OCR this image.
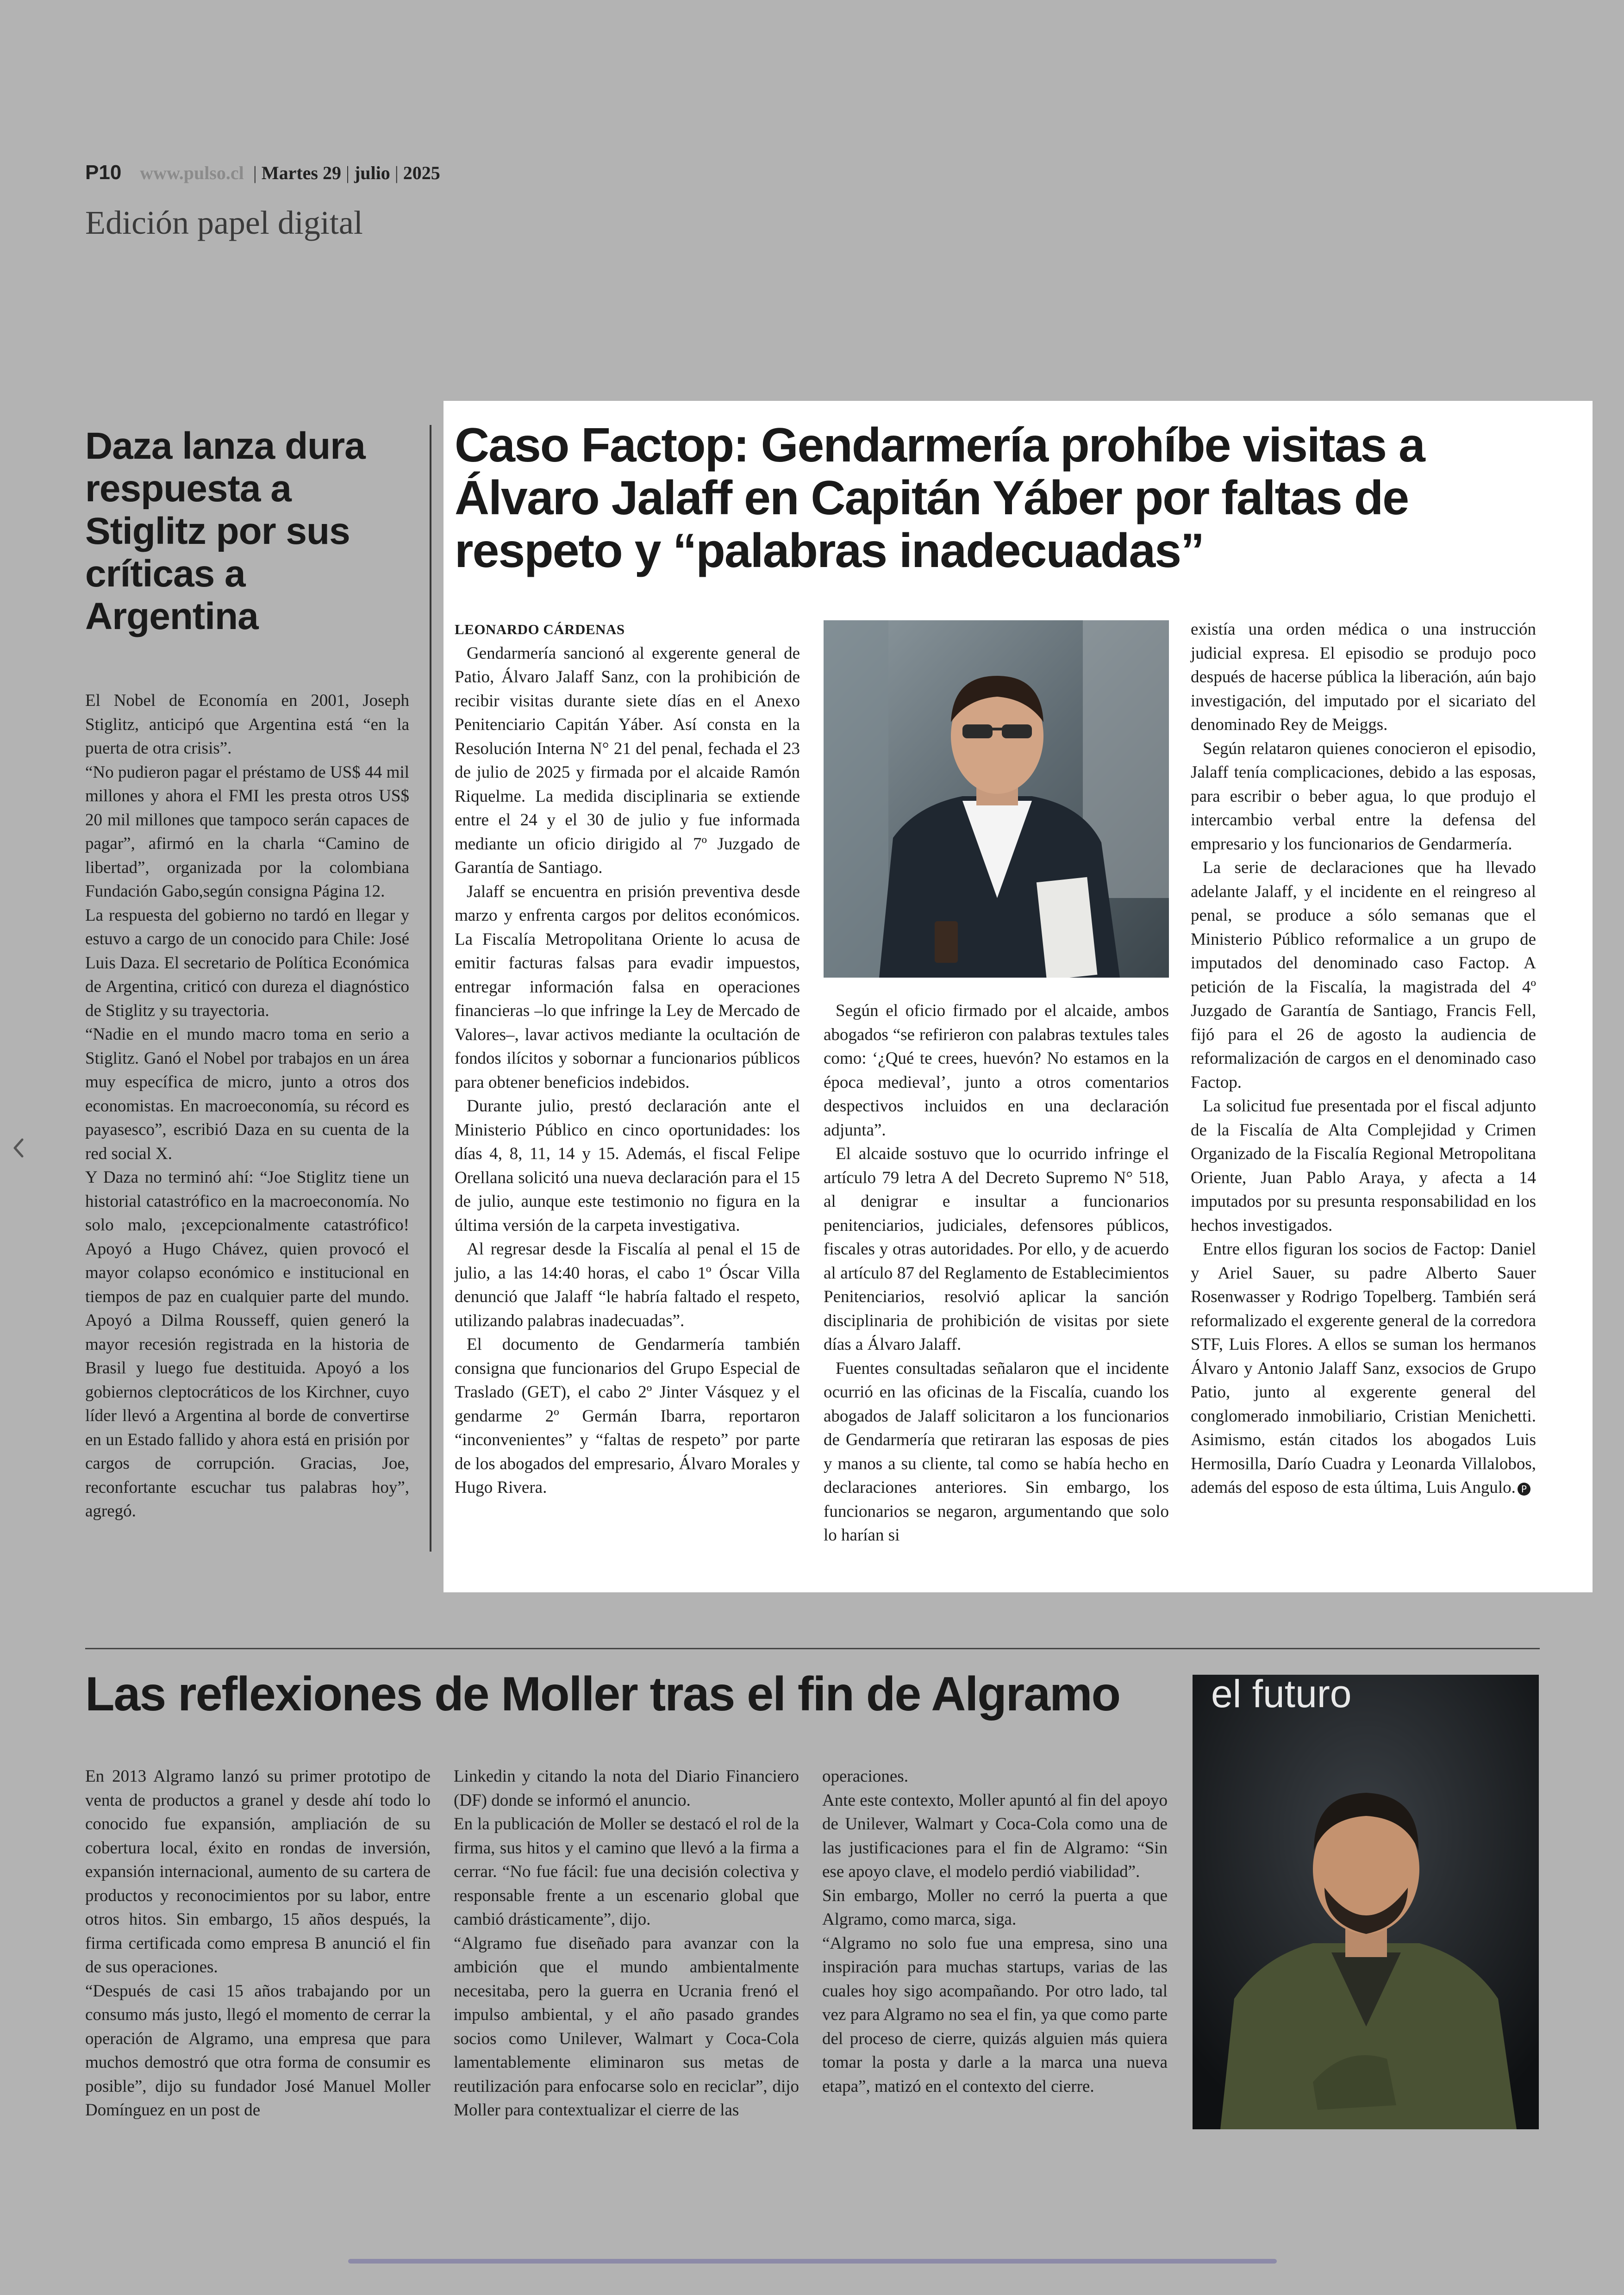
P10 www.pulso.cl | Martes 29 | julio | 2025
Edición papel digital
Daza lanza dura respuesta a Stiglitz por sus críticas a Argentina

El Nobel de Economía en 2001, Joseph Stiglitz, anticipó que Argentina está “en la puerta de otra crisis”.

“No pudieron pagar el préstamo de US$ 44 mil millones y ahora el FMI les presta otros US$ 20 mil millones que tampoco serán capaces de pagar”, afirmó en la charla “Camino de libertad”, organizada por la colombiana Fundación Gabo,según consigna Página 12.

La respuesta del gobierno no tardó en llegar y estuvo a cargo de un conocido para Chile: José Luis Daza. El secretario de Política Económica de Argentina, criticó con dureza el diagnóstico de Stiglitz y su trayectoria.

“Nadie en el mundo macro toma en serio a Stiglitz. Ganó el Nobel por trabajos en un área muy específica de micro, junto a otros dos economistas. En macroeconomía, su récord es payasesco”, escribió Daza en su cuenta de la red social X.

Y Daza no terminó ahí: “Joe Stiglitz tiene un historial catastrófico en la macroeconomía. No solo malo, ¡excepcionalmente catastrófico! Apoyó a Hugo Chávez, quien provocó el mayor colapso económico e institucional en tiempos de paz en cualquier parte del mundo. Apoyó a Dilma Rousseff, quien generó la mayor recesión registrada en la historia de Brasil y luego fue destituida. Apoyó a los gobiernos cleptocráticos de los Kirchner, cuyo líder llevó a Argentina al borde de convertirse en un Estado fallido y ahora está en prisión por cargos de corrupción. Gracias, Joe, reconfortante escuchar tus palabras hoy”, agregó.

Caso Factop: Gendarmería prohíbe visitas a Álvaro Jalaff en Capitán Yáber por faltas de respeto y “palabras inadecuadas”

LEONARDO CÁRDENAS

Gendarmería sancionó al exgerente general de Patio, Álvaro Jalaff Sanz, con la prohibición de recibir visitas durante siete días en el Anexo Penitenciario Capitán Yáber. Así consta en la Resolución Interna N° 21 del penal, fechada el 23 de julio de 2025 y firmada por el alcaide Ramón Riquelme. La medida disciplinaria se extiende entre el 24 y el 30 de julio y fue informada mediante un oficio dirigido al 7º Juzgado de Garantía de Santiago.

Jalaff se encuentra en prisión preventiva desde marzo y enfrenta cargos por delitos económicos. La Fiscalía Metropolitana Oriente lo acusa de emitir facturas falsas para evadir impuestos, entregar información falsa en operaciones financieras –lo que infringe la Ley de Mercado de Valores–, lavar activos mediante la ocultación de fondos ilícitos y sobornar a funcionarios públicos para obtener beneficios indebidos.

Durante julio, prestó declaración ante el Ministerio Público en cinco oportunidades: los días 4, 8, 11, 14 y 15. Además, el fiscal Felipe Orellana solicitó una nueva declaración para el 15 de julio, aunque este testimonio no figura en la última versión de la carpeta investigativa.

Al regresar desde la Fiscalía al penal el 15 de julio, a las 14:40 horas, el cabo 1º Óscar Villa denunció que Jalaff “le habría faltado el respeto, utilizando palabras inadecuadas”.

El documento de Gendarmería también consigna que funcionarios del Grupo Especial de Traslado (GET), el cabo 2º Jinter Vásquez y el gendarme 2º Germán Ibarra, reportaron “inconvenientes” y “faltas de respeto” por parte de los abogados del empresario, Álvaro Morales y Hugo Rivera.

Según el oficio firmado por el alcaide, ambos abogados “se refirieron con palabras textules tales como: ‘¿Qué te crees, huevón? No estamos en la época medieval’, junto a otros comentarios despectivos incluidos en una declaración adjunta”.

El alcaide sostuvo que lo ocurrido infringe el artículo 79 letra A del Decreto Supremo N° 518, al denigrar e insultar a funcionarios penitenciarios, judiciales, defensores públicos, fiscales y otras autoridades. Por ello, y de acuerdo al artículo 87 del Reglamento de Establecimientos Penitenciarios, resolvió aplicar la sanción disciplinaria de prohibición de visitas por siete días a Álvaro Jalaff.

Fuentes consultadas señalaron que el incidente ocurrió en las oficinas de la Fiscalía, cuando los abogados de Jalaff solicitaron a los funcionarios de Gendarmería que retiraran las esposas de pies y manos a su cliente, tal como se había hecho en declaraciones anteriores. Sin embargo, los funcionarios se negaron, argumentando que solo lo harían si

existía una orden médica o una instrucción judicial expresa. El episodio se produjo poco después de hacerse pública la liberación, aún bajo investigación, del imputado por el sicariato del denominado Rey de Meiggs.

Según relataron quienes conocieron el episodio, Jalaff tenía complicaciones, debido a las esposas, para escribir o beber agua, lo que produjo el intercambio verbal entre la defensa del empresario y los funcionarios de Gendarmería.

La serie de declaraciones que ha llevado adelante Jalaff, y el incidente en el reingreso al penal, se produce a sólo semanas que el Ministerio Público reformalice a un grupo de imputados del denominado caso Factop. A petición de la Fiscalía, la magistrada del 4º Juzgado de Garantía de Santiago, Francis Fell, fijó para el 26 de agosto la audiencia de reformalización de cargos en el denominado caso Factop.

La solicitud fue presentada por el fiscal adjunto de la Fiscalía de Alta Complejidad y Crimen Organizado de la Fiscalía Regional Metropolitana Oriente, Juan Pablo Araya, y afecta a 14 imputados por su presunta responsabilidad en los hechos investigados.

Entre ellos figuran los socios de Factop: Daniel y Ariel Sauer, su padre Alberto Sauer Rosenwasser y Rodrigo Topelberg. También será reformalizado el exgerente general de la corredora STF, Luis Flores. A ellos se suman los hermanos Álvaro y Antonio Jalaff Sanz, exsocios de Grupo Patio, junto al exgerente general del conglomerado inmobiliario, Cristian Menichetti. Asimismo, están citados los abogados Luis Hermosilla, Darío Cuadra y Leonarda Villalobos, además del esposo de esta última, Luis Angulo. P

Las reflexiones de Moller tras el fin de Algramo

En 2013 Algramo lanzó su primer prototipo de venta de productos a granel y desde ahí todo lo conocido fue expansión, ampliación de su cobertura local, éxito en rondas de inversión, expansión internacional, aumento de su cartera de productos y reconocimientos por su labor, entre otros hitos. Sin embargo, 15 años después, la firma certificada como empresa B anunció el fin de sus operaciones.

“Después de casi 15 años trabajando por un consumo más justo, llegó el momento de cerrar la operación de Algramo, una empresa que para muchos demostró que otra forma de consumir es posible”, dijo su fundador José Manuel Moller Domínguez en un post de

Linkedin y citando la nota del Diario Financiero (DF) donde se informó el anuncio.

En la publicación de Moller se destacó el rol de la firma, sus hitos y el camino que llevó a la firma a cerrar. “No fue fácil: fue una decisión colectiva y responsable frente a un escenario global que cambió drásticamente”, dijo.

“Algramo fue diseñado para avanzar con la ambición que el mundo ambientalmente necesitaba, pero la guerra en Ucrania frenó el impulso ambiental, y el año pasado grandes socios como Unilever, Walmart y Coca-Cola lamentablemente eliminaron sus metas de reutilización para enfocarse solo en reciclar”, dijo Moller para contextualizar el cierre de las

operaciones.

Ante este contexto, Moller apuntó al fin del apoyo de Unilever, Walmart y Coca-Cola como una de las justificaciones para el fin de Algramo: “Sin ese apoyo clave, el modelo perdió viabilidad”.

Sin embargo, Moller no cerró la puerta a que Algramo, como marca, siga.

“Algramo no solo fue una empresa, sino una inspiración para muchas startups, varias de las cuales hoy sigo acompañando. Por otro lado, tal vez para Algramo no sea el fin, ya que como parte del proceso de cierre, quizás alguien más quiera tomar la posta y darle a la marca una nueva etapa”, matizó en el contexto del cierre.

el futuro
